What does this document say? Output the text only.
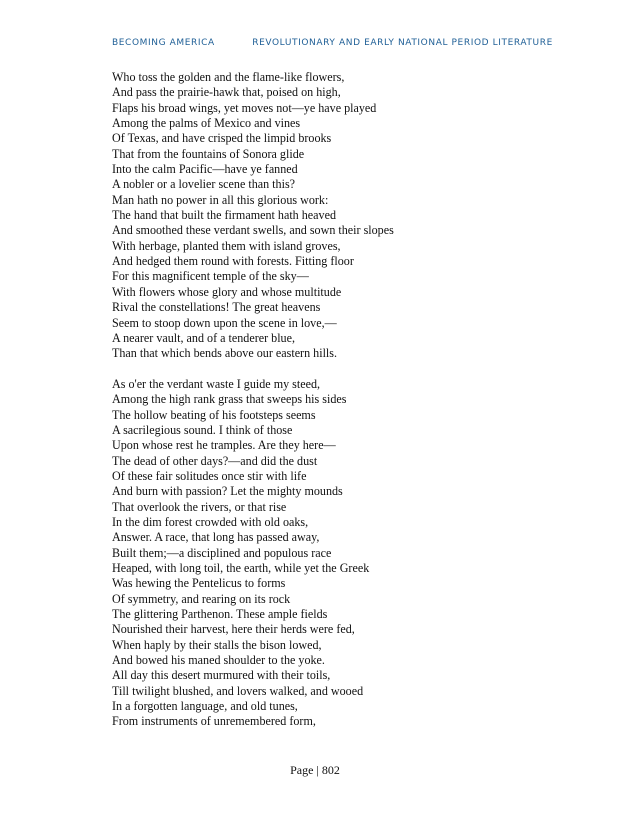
BECOMING AMERICA	REVOLUTIONARY AND EARLY NATIONAL PERIOD LITERATURE

Who toss the golden and the flame-like flowers,
And pass the prairie-hawk that, poised on high,
Flaps his broad wings, yet moves not—ye have played
Among the palms of Mexico and vines
Of Texas, and have crisped the limpid brooks
That from the fountains of Sonora glide
Into the calm Pacific—have ye fanned
A nobler or a lovelier scene than this?
Man hath no power in all this glorious work:
The hand that built the firmament hath heaved
And smoothed these verdant swells, and sown their slopes
With herbage, planted them with island groves,
And hedged them round with forests. Fitting floor
For this magnificent temple of the sky—
With flowers whose glory and whose multitude
Rival the constellations! The great heavens
Seem to stoop down upon the scene in love,—
A nearer vault, and of a tenderer blue,
Than that which bends above our eastern hills.

As o'er the verdant waste I guide my steed,
Among the high rank grass that sweeps his sides
The hollow beating of his footsteps seems
A sacrilegious sound. I think of those
Upon whose rest he tramples. Are they here—
The dead of other days?—and did the dust
Of these fair solitudes once stir with life
And burn with passion? Let the mighty mounds
That overlook the rivers, or that rise
In the dim forest crowded with old oaks,
Answer. A race, that long has passed away,
Built them;—a disciplined and populous race
Heaped, with long toil, the earth, while yet the Greek
Was hewing the Pentelicus to forms
Of symmetry, and rearing on its rock
The glittering Parthenon. These ample fields
Nourished their harvest, here their herds were fed,
When haply by their stalls the bison lowed,
And bowed his maned shoulder to the yoke.
All day this desert murmured with their toils,
Till twilight blushed, and lovers walked, and wooed
In a forgotten language, and old tunes,
From instruments of unremembered form,

Page | 802
